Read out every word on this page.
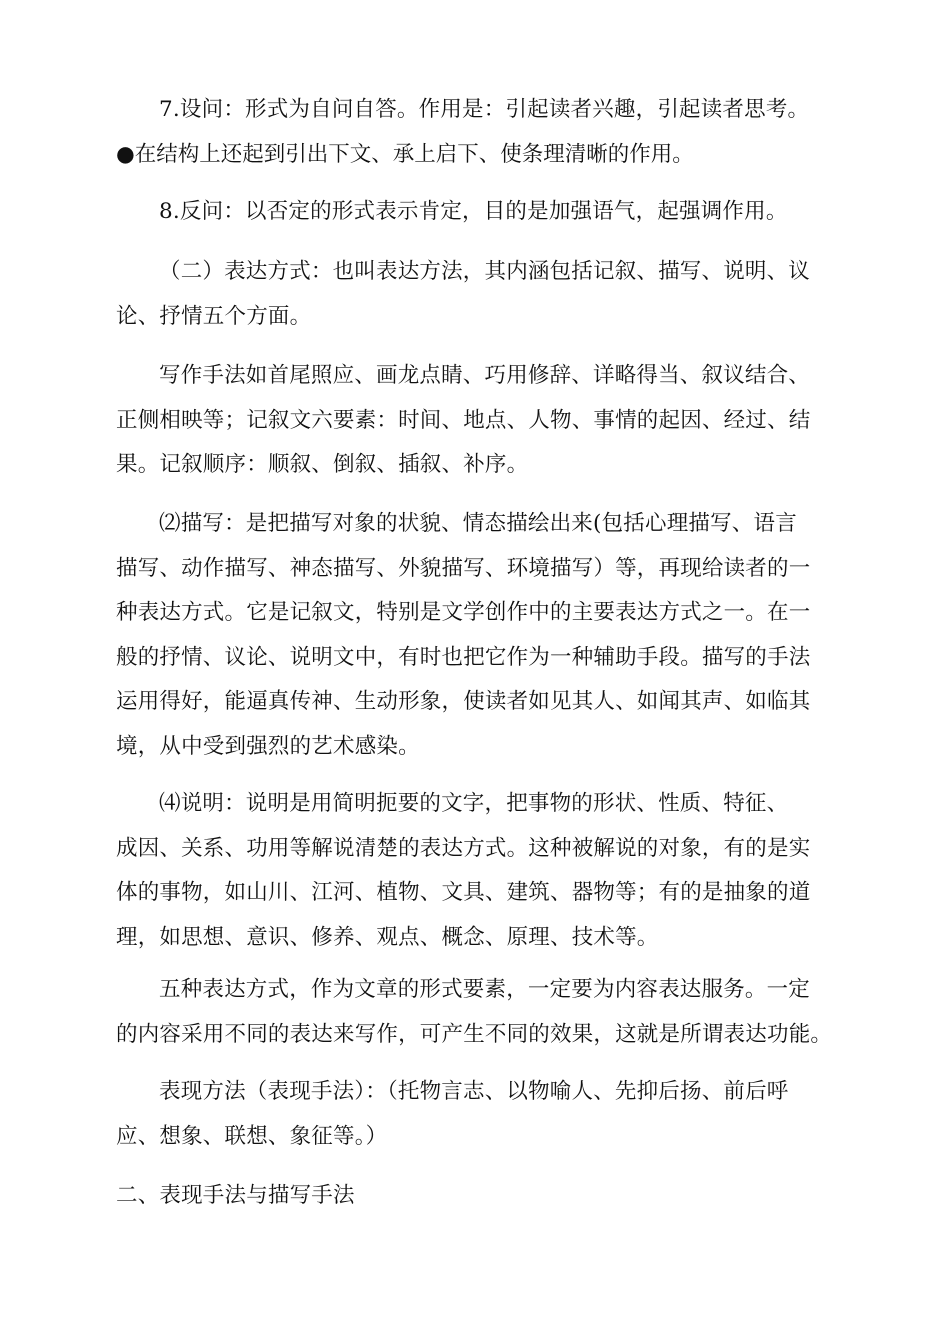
7.设问：形式为自问自答。作用是：引起读者兴趣，引起读者思考。
●在结构上还起到引出下文、承上启下、使条理清晰的作用。
8.反问：以否定的形式表示肯定，目的是加强语气，起强调作用。
（二）表达方式：也叫表达方法，其内涵包括记叙、描写、说明、议
论、抒情五个方面。
写作手法如首尾照应、画龙点睛、巧用修辞、详略得当、叙议结合、
正侧相映等；记叙文六要素：时间、地点、人物、事情的起因、经过、结
果。记叙顺序：顺叙、倒叙、插叙、补序。
⑵描写：是把描写对象的状貌、情态描绘出来(包括心理描写、语言
描写、动作描写、神态描写、外貌描写、环境描写）等，再现给读者的一
种表达方式。它是记叙文，特别是文学创作中的主要表达方式之一。在一
般的抒情、议论、说明文中，有时也把它作为一种辅助手段。描写的手法
运用得好，能逼真传神、生动形象，使读者如见其人、如闻其声、如临其
境，从中受到强烈的艺术感染。
⑷说明：说明是用简明扼要的文字，把事物的形状、性质、特征、
成因、关系、功用等解说清楚的表达方式。这种被解说的对象，有的是实
体的事物，如山川、江河、植物、文具、建筑、器物等；有的是抽象的道
理，如思想、意识、修养、观点、概念、原理、技术等。
五种表达方式，作为文章的形式要素，一定要为内容表达服务。一定
的内容采用不同的表达来写作，可产生不同的效果，这就是所谓表达功能。
表现方法（表现手法）：（托物言志、以物喻人、先抑后扬、前后呼
应、想象、联想、象征等。）
二、表现手法与描写手法
